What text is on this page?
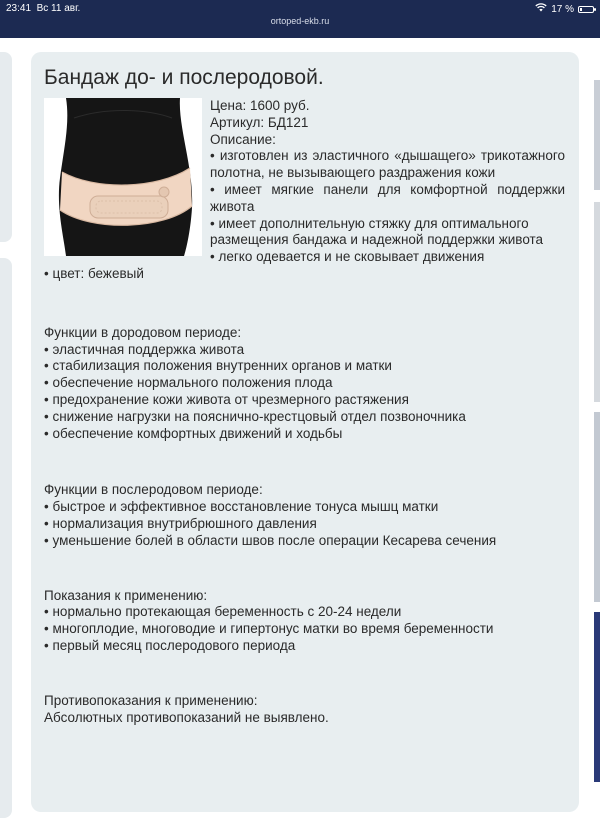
23:41 Вс 11 авг.
ortoped-ekb.ru
17 %
Бандаж до- и послеродовой.

Цена: 1600 руб.

Артикул: БД121

Описание:

• изготовлен из эластичного «дышащего» трикотажного полотна, не вызывающего раздражения кожи

• имеет мягкие панели для комфортной поддержки живота

• имеет дополнительную стяжку для оптимального размещения бандажа и надежной поддержки живота

• легко одевается и не сковывает движения

• цвет: бежевый

Функции в дородовом периоде:

• эластичная поддержка живота

• стабилизация положения внутренних органов и матки

• обеспечение нормального положения плода

• предохранение кожи живота от чрезмерного растяжения

• снижение нагрузки на пояснично-крестцовый отдел позвоночника

• обеспечение комфортных движений и ходьбы

Функции в послеродовом периоде:

• быстрое и эффективное восстановление тонуса мышц матки

• нормализация внутрибрюшного давления

• уменьшение болей в области швов после операции Кесарева сечения

Показания к применению:

• нормально протекающая беременность с 20-24 недели

• многоплодие, многоводие и гипертонус матки во время беременности

• первый месяц послеродового периода

Противопоказания к применению:

Абсолютных противопоказаний не выявлено.
